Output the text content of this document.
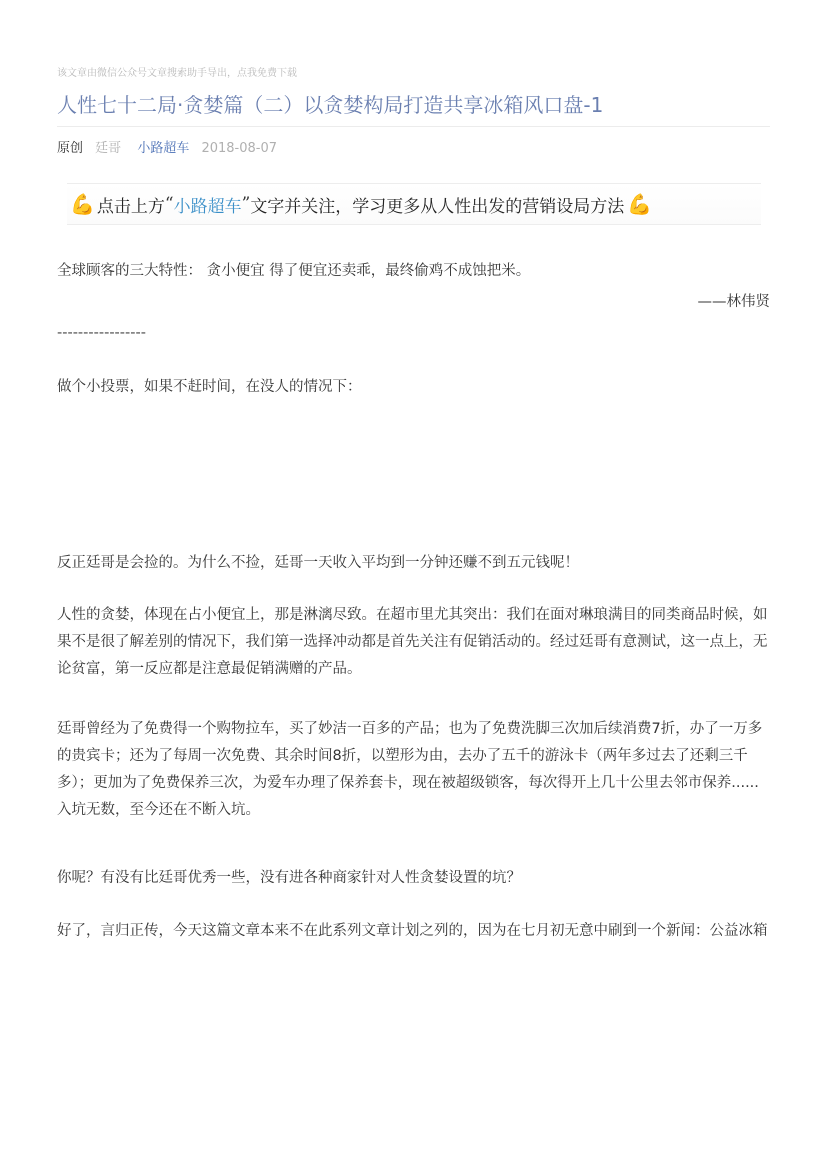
该文章由微信公众号文章搜索助手导出，点我免费下载
人性七十二局·贪婪篇（二）以贪婪构局打造共享冰箱风口盘-1
原创 廷哥 小路超车 2018-08-07
💪 点击上方 “ 小路超车 ” 文字并关注，学习更多从人性出发的营销设局方法 💪
全球顾客的三大特性： 贪小便宜 得了便宜还卖乖，最终偷鸡不成蚀把米。
——林伟贤
-----------------
做个小投票，如果不赶时间，在没人的情况下：
反正廷哥是会捡的。为什么不捡，廷哥一天收入平均到一分钟还赚不到五元钱呢！
人性的贪婪，体现在占小便宜上，那是淋漓尽致。在超市里尤其突出：我们在面对琳琅满目的同类商品时候，如果不是很了解差别的情况下，我们第一选择冲动都是首先关注有促销活动的。经过廷哥有意测试，这一点上，无论贫富，第一反应都是注意最促销满赠的产品。
廷哥曾经为了免费得一个购物拉车，买了妙洁一百多的产品；也为了免费洗脚三次加后续消费7折，办了一万多的贵宾卡；还为了每周一次免费、其余时间8折，以塑形为由，去办了五千的游泳卡（两年多过去了还剩三千多）；更加为了免费保养三次，为爱车办理了保养套卡，现在被超级锁客，每次得开上几十公里去邻市保养......入坑无数，至今还在不断入坑。
你呢？有没有比廷哥优秀一些，没有进各种商家针对人性贪婪设置的坑？
好了，言归正传，今天这篇文章本来不在此系列文章计划之列的，因为在七月初无意中刷到一个新闻：公益冰箱
